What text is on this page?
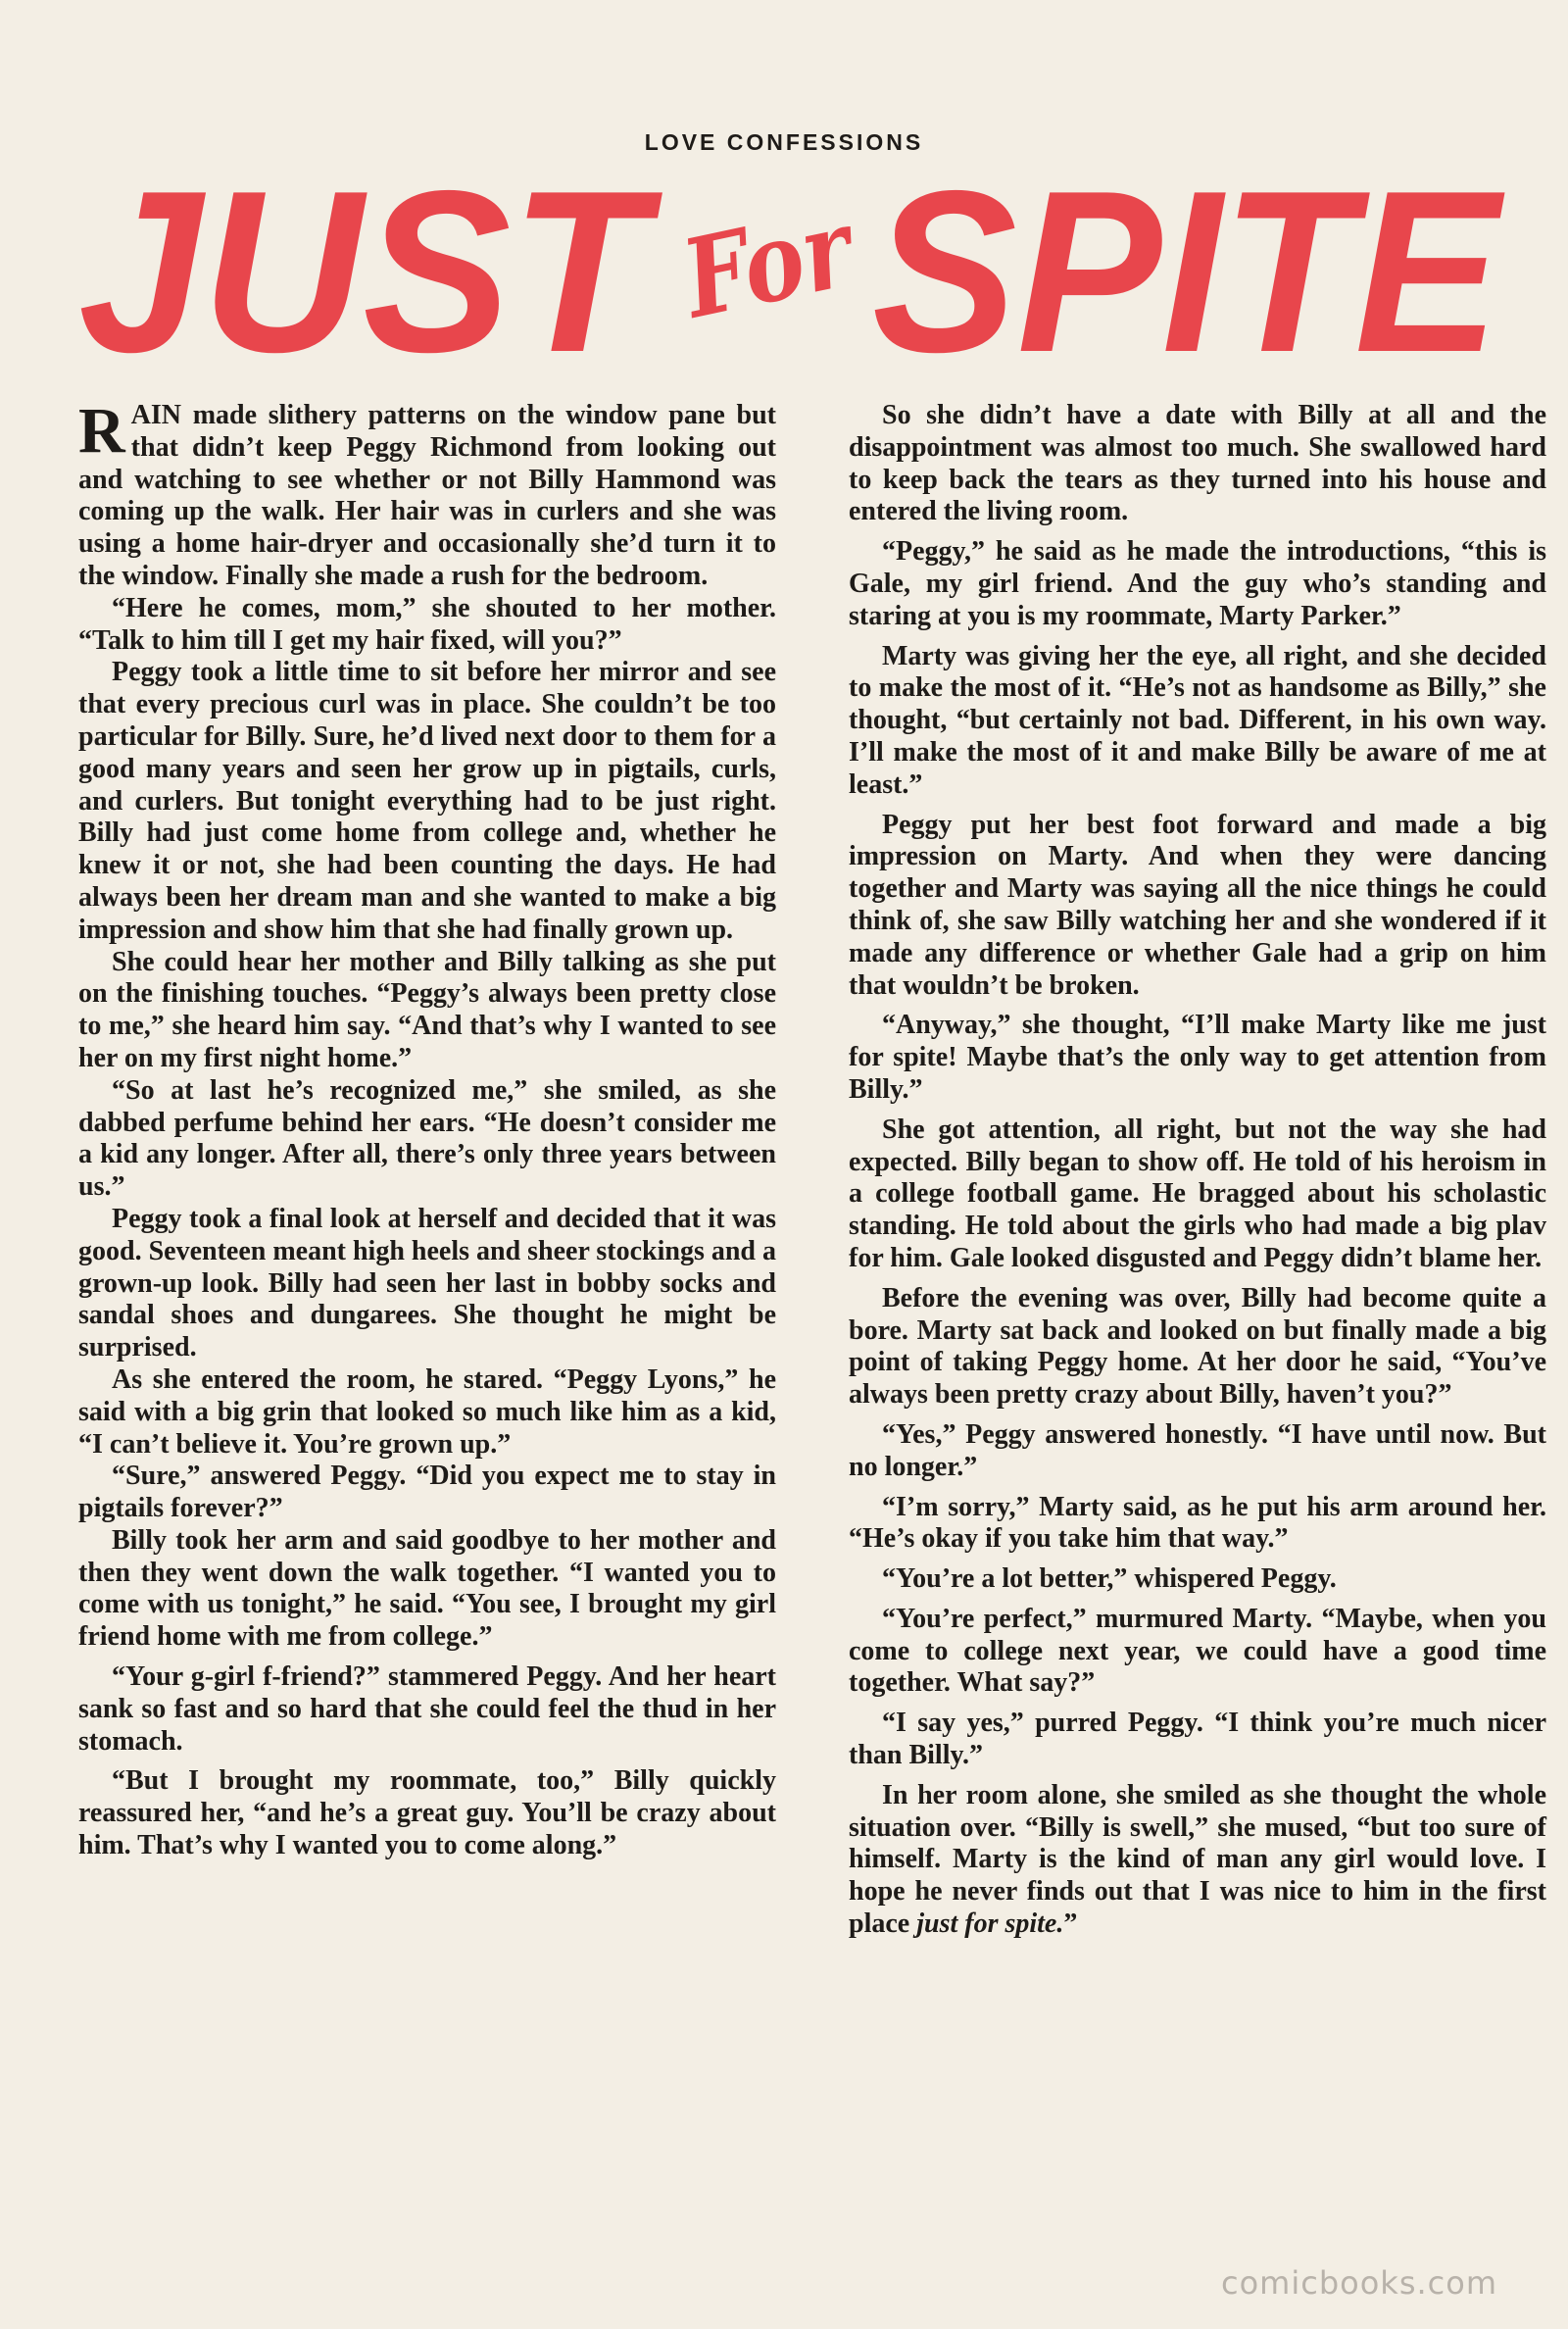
LOVE CONFESSIONS
JUST For
SPITE

RAIN made slithery patterns on the window pane but that didn’t keep Peggy Richmond from looking out and watching to see whether or not Billy Hammond was coming up the walk. Her hair was in curlers and she was using a home hair-dryer and occasionally she’d turn it to the window. Finally she made a rush for the bedroom.

“Here he comes, mom,” she shouted to her mother. “Talk to him till I get my hair fixed, will you?”

Peggy took a little time to sit before her mirror and see that every precious curl was in place. She couldn’t be too particular for Billy. Sure, he’d lived next door to them for a good many years and seen her grow up in pigtails, curls, and curlers. But tonight everything had to be just right. Billy had just come home from college and, whether he knew it or not, she had been counting the days. He had always been her dream man and she wanted to make a big impression and show him that she had finally grown up.

She could hear her mother and Billy talking as she put on the finishing touches. “Peggy’s always been pretty close to me,” she heard him say. “And that’s why I wanted to see her on my first night home.”

“So at last he’s recognized me,” she smiled, as she dabbed perfume behind her ears. “He doesn’t consider me a kid any longer. After all, there’s only three years between us.”

Peggy took a final look at herself and decided that it was good. Seventeen meant high heels and sheer stockings and a grown-up look. Billy had seen her last in bobby socks and sandal shoes and dungarees. She thought he might be surprised.

As she entered the room, he stared. “Peggy Lyons,” he said with a big grin that looked so much like him as a kid, “I can’t believe it. You’re grown up.”

“Sure,” answered Peggy. “Did you expect me to stay in pigtails forever?”

Billy took her arm and said goodbye to her mother and then they went down the walk together. “I wanted you to come with us tonight,” he said. “You see, I brought my girl friend home with me from college.”

“Your g-girl f-friend?” stammered Peggy. And her heart sank so fast and so hard that she could feel the thud in her stomach.

“But I brought my roommate, too,” Billy quickly reassured her, “and he’s a great guy. You’ll be crazy about him. That’s why I wanted you to come along.”

So she didn’t have a date with Billy at all and the disappointment was almost too much. She swallowed hard to keep back the tears as they turned into his house and entered the living room.

“Peggy,” he said as he made the introductions, “this is Gale, my girl friend. And the guy who’s standing and staring at you is my roommate, Marty Parker.”

Marty was giving her the eye, all right, and she decided to make the most of it. “He’s not as handsome as Billy,” she thought, “but certainly not bad. Different, in his own way. I’ll make the most of it and make Billy be aware of me at least.”

Peggy put her best foot forward and made a big impression on Marty. And when they were dancing together and Marty was saying all the nice things he could think of, she saw Billy watching her and she wondered if it made any difference or whether Gale had a grip on him that wouldn’t be broken.

“Anyway,” she thought, “I’ll make Marty like me just for spite! Maybe that’s the only way to get attention from Billy.”

She got attention, all right, but not the way she had expected. Billy began to show off. He told of his heroism in a college football game. He bragged about his scholastic standing. He told about the girls who had made a big plav for him. Gale looked disgusted and Peggy didn’t blame her.

Before the evening was over, Billy had become quite a bore. Marty sat back and looked on but finally made a big point of taking Peggy home. At her door he said, “You’ve always been pretty crazy about Billy, haven’t you?”

“Yes,” Peggy answered honestly. “I have until now. But no longer.”

“I’m sorry,” Marty said, as he put his arm around her. “He’s okay if you take him that way.”

“You’re a lot better,” whispered Peggy.

“You’re perfect,” murmured Marty. “Maybe, when you come to college next year, we could have a good time together. What say?”

“I say yes,” purred Peggy. “I think you’re much nicer than Billy.”

In her room alone, she smiled as she thought the whole situation over. “Billy is swell,” she mused, “but too sure of himself. Marty is the kind of man any girl would love. I hope he never finds out that I was nice to him in the first place just for spite.”

comicbooks.com
